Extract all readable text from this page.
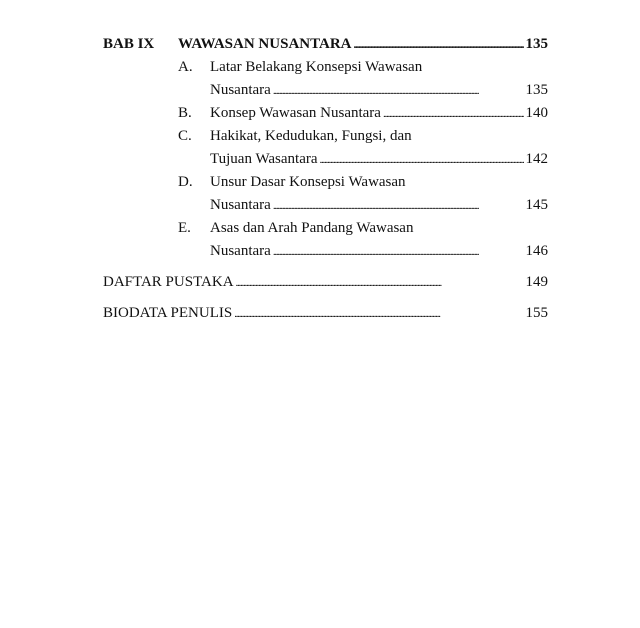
BAB IX	WAWASAN NUSANTARA . . .	135
A. Latar Belakang Konsepsi Wawasan
Nusantara . . .	135
B. Konsep Wawasan Nusantara . . .	140
C. Hakikat, Kedudukan, Fungsi, dan
Tujuan Wasantara . . .	142
D. Unsur Dasar Konsepsi Wawasan
Nusantara . . .	145
E. Asas dan Arah Pandang Wawasan
Nusantara . . .	146
DAFTAR PUSTAKA . . .	149
BIODATA PENULIS . . .	155
